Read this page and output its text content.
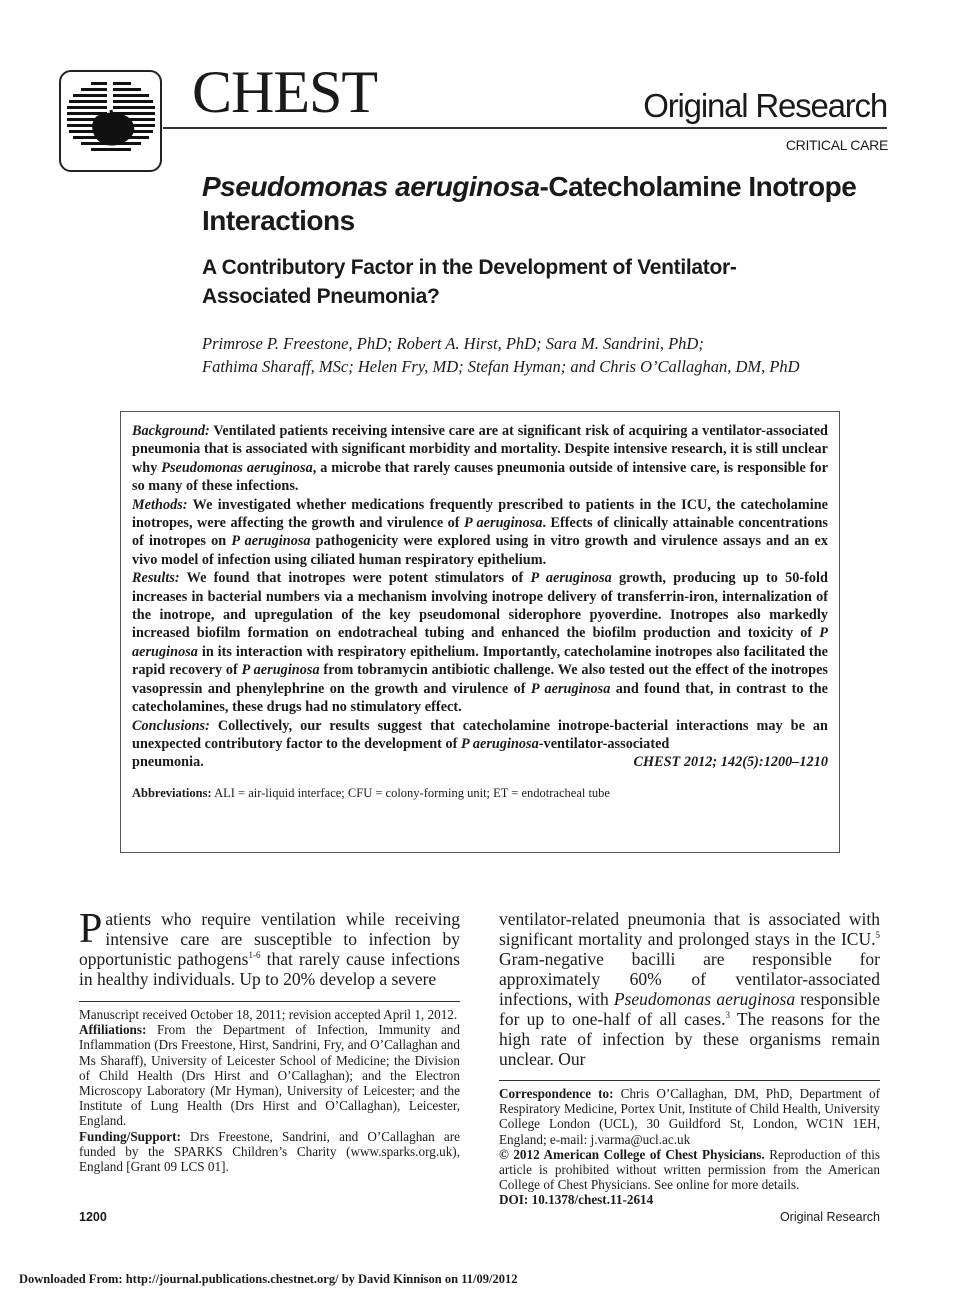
CHEST	Original Research
CRITICAL CARE
Pseudomonas aeruginosa-Catecholamine Inotrope Interactions
A Contributory Factor in the Development of Ventilator-Associated Pneumonia?
Primrose P. Freestone, PhD; Robert A. Hirst, PhD; Sara M. Sandrini, PhD;
Fathima Sharaff, MSc; Helen Fry, MD; Stefan Hyman; and Chris O’Callaghan, DM, PhD

Background: Ventilated patients receiving intensive care are at significant risk of acquiring a ventilator-associated pneumonia that is associated with significant morbidity and mortality. Despite intensive research, it is still unclear why Pseudomonas aeruginosa, a microbe that rarely causes pneumonia outside of intensive care, is responsible for so many of these infections.

Methods: We investigated whether medications frequently prescribed to patients in the ICU, the catecholamine inotropes, were affecting the growth and virulence of P aeruginosa. Effects of clinically attainable concentrations of inotropes on P aeruginosa pathogenicity were explored using in vitro growth and virulence assays and an ex vivo model of infection using ciliated human respiratory epithelium.

Results: We found that inotropes were potent stimulators of P aeruginosa growth, producing up to 50-fold increases in bacterial numbers via a mechanism involving inotrope delivery of transferrin-iron, internalization of the inotrope, and upregulation of the key pseudomonal siderophore pyoverdine. Inotropes also markedly increased biofilm formation on endotracheal tubing and enhanced the biofilm production and toxicity of P aeruginosa in its interaction with respiratory epithelium. Importantly, catecholamine inotropes also facilitated the rapid recovery of P aeruginosa from tobramycin antibiotic challenge. We also tested out the effect of the inotropes vasopressin and phenylephrine on the growth and virulence of P aeruginosa and found that, in contrast to the catecholamines, these drugs had no stimulatory effect.

Conclusions: Collectively, our results suggest that catecholamine inotrope-bacterial interactions may be an unexpected contributory factor to the development of P aeruginosa-ventilator-associated

pneumonia.	CHEST 2012; 142(5):1200–1210
Abbreviations: ALI = air-liquid interface; CFU = colony-forming unit; ET = endotracheal tube

Patients who require ventilation while receiving intensive care are susceptible to infection by opportunistic pathogens$^{1-6}$ that rarely cause infections in healthy individuals. Up to 20% develop a severe

Manuscript received October 18, 2011; revision accepted April 1, 2012.

Affiliations: From the Department of Infection, Immunity and Inflammation (Drs Freestone, Hirst, Sandrini, Fry, and O’Callaghan and Ms Sharaff), University of Leicester School of Medicine; the Division of Child Health (Drs Hirst and O’Callaghan); and the Electron Microscopy Laboratory (Mr Hyman), University of Leicester; and the Institute of Lung Health (Drs Hirst and O’Callaghan), Leicester, England.

Funding/Support: Drs Freestone, Sandrini, and O’Callaghan are funded by the SPARKS Children’s Charity (www.sparks.org.uk), England [Grant 09 LCS 01].

ventilator-related pneumonia that is associated with significant mortality and prolonged stays in the ICU.$^5$ Gram-negative bacilli are responsible for approximately 60% of ventilator-associated infections, with Pseudomonas aeruginosa responsible for up to one-half of all cases.$^3$ The reasons for the high rate of infection by these organisms remain unclear. Our

Correspondence to: Chris O’Callaghan, DM, PhD, Department of Respiratory Medicine, Portex Unit, Institute of Child Health, University College London (UCL), 30 Guildford St, London, WC1N 1EH, England; e-mail: j.varma@ucl.ac.uk

© 2012 American College of Chest Physicians. Reproduction of this article is prohibited without written permission from the American College of Chest Physicians. See online for more details.

DOI: 10.1378/chest.11-2614

1200	Original Research
Downloaded From: http://journal.publications.chestnet.org/ by David Kinnison on 11/09/2012
